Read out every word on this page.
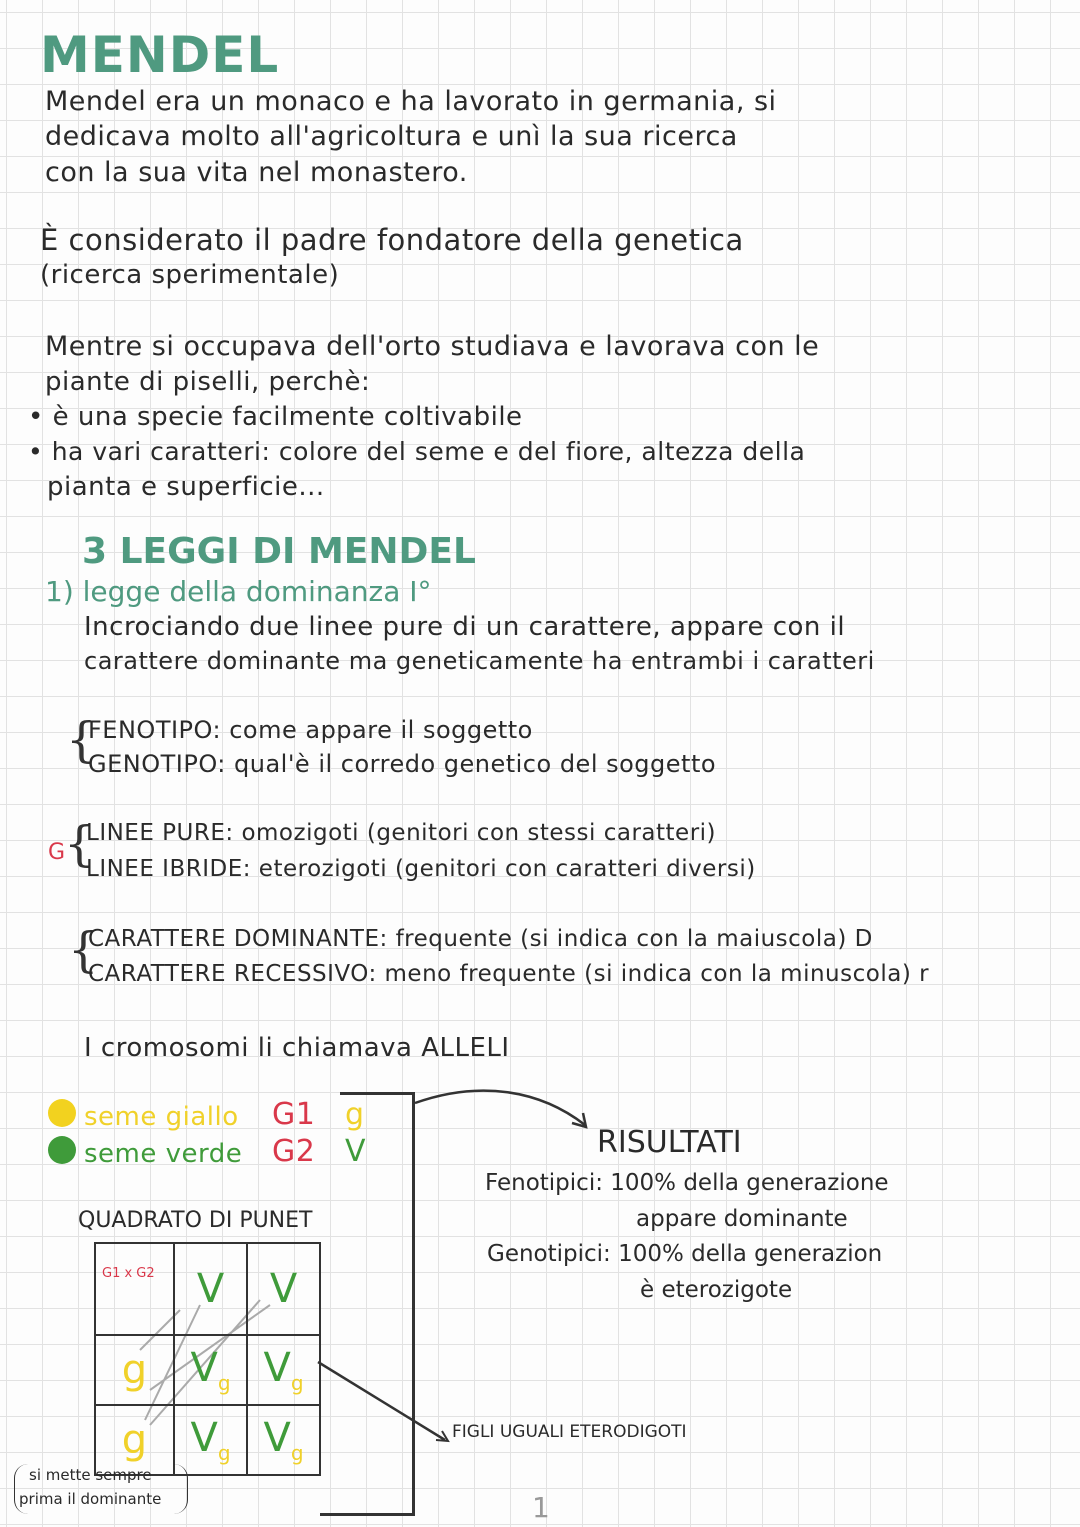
MENDEL
Mendel era un monaco e ha lavorato in germania, si
dedicava molto all'agricoltura e unì la sua ricerca
con la sua vita nel monastero.
È considerato il padre fondatore della genetica
(ricerca sperimentale)
Mentre si occupava dell'orto studiava e lavorava con le
piante di piselli, perchè:
• è una specie facilmente coltivabile
• ha vari caratteri: colore del seme e del fiore, altezza della
pianta e superficie...
3 LEGGI DI MENDEL
1) legge della dominanza I°
Incrociando due linee pure di un carattere, appare con il
carattere dominante ma geneticamente ha entrambi i caratteri
{
FENOTIPO: come appare il soggetto
GENOTIPO: qual'è il corredo genetico del soggetto
G
{
LINEE PURE: omozigoti (genitori con stessi caratteri)
LINEE IBRIDE: eterozigoti (genitori con caratteri diversi)
{
CARATTERE DOMINANTE: frequente (si indica con la maiuscola) D
CARATTERE RECESSIVO: meno frequente (si indica con la minuscola) r
I cromosomi li chiamava ALLELI
seme giallo G1 g
seme verde G2 V
QUADRATO DI PUNET
G1 x G2	V	V
g	$V_g$	$V_g$
g	$V_g$	$V_g$
si mette sempre
prima il dominante
RISULTATI
Fenotipici: 100% della generazione
appare dominante
Genotipici: 100% della generazion
è eterozigote
FIGLI UGUALI ETERODIGOTI
1
